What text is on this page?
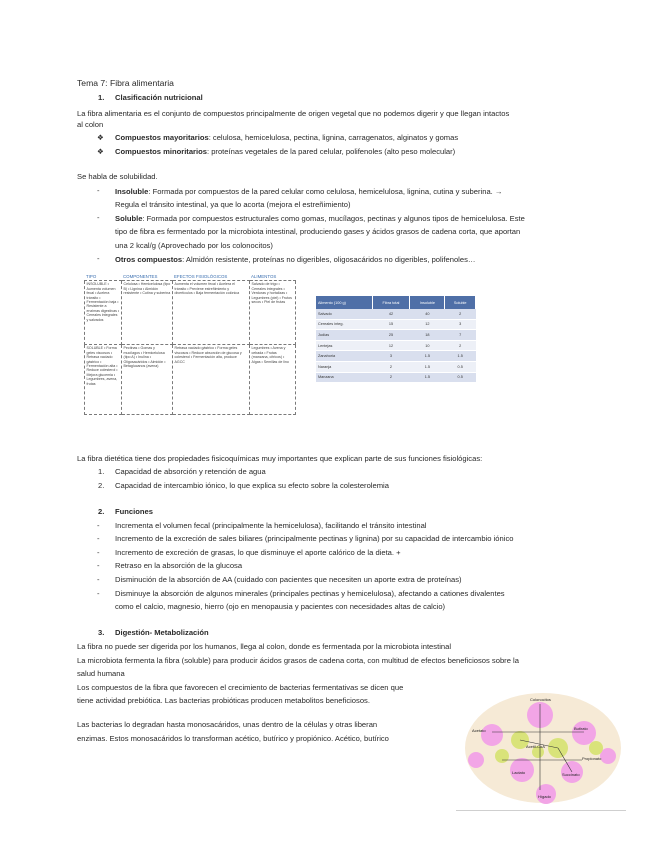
Tema 7: Fibra alimentaria
1. Clasificación nutricional
La fibra alimentaria es el conjunto de compuestos principalmente de origen vegetal que no podemos digerir y que llegan intactos
al colon
❖ Compuestos mayoritarios: celulosa, hemicelulosa, pectina, lignina, carragenatos, alginatos y gomas
❖ Compuestos minoritarios: proteínas vegetales de la pared celular, polifenoles (alto peso molecular)
Se habla de solubilidad.
- Insoluble: Formada por compuestos de la pared celular como celulosa, hemicelulosa, lignina, cutina y suberina. →
Regula el tránsito intestinal, ya que lo acorta (mejora el estreñimiento)
- Soluble: Formada por compuestos estructurales como gomas, mucílagos, pectinas y algunos tipos de hemicelulosa. Este
tipo de fibra es fermentado por la microbiota intestinal, produciendo gases y ácidos grasos de cadena corta, que aportan
una 2 kcal/g (Aprovechado por los colonocitos)
- Otros compuestos: Almidón resistente, proteínas no digeribles, oligosacáridos no digeribles, polifenoles…
TIPO	COMPONENTES	EFECTOS FISIOLÓGICOS	ALIMENTOS
INSOLUBLE • Aumenta volumen fecal • Acelera tránsito • Fermentación baja • Resistente a enzimas digestivas • Cereales integrales y salvados	Celulosa • Hemicelulosa (tipo B) • Lignina • Almidón resistente • Cutina y suberina	Aumenta el volumen fecal • Acelera el tránsito • Previene estreñimiento y divertículos • Baja fermentación colónica	Salvado de trigo • Cereales integrales • Verduras y hortalizas • Legumbres (piel) • Frutos secos • Piel de frutas
SOLUBLE • Forma geles viscosos • Retrasa vaciado gástrico • Fermentación alta • Reduce colesterol • Mejora glucemia • Legumbres, avena, frutas	Pectinas • Gomas y mucílagos • Hemicelulosa (tipo A) • Inulina • Oligosacáridos • Almidón • Betaglucanos (avena)	Retrasa vaciado gástrico • Forma geles viscosos • Reduce absorción de glucosa y colesterol • Fermentación alta, produce AGCC	Legumbres • Avena y cebada • Frutas (manzana, cítricos) • Algas • Semillas de lino
Alimento (100 g)	Fibra total	Insoluble	Soluble
Salvado	42	40	2
Cereales integ.	15	12	3
Judías	25	18	7
Lentejas	12	10	2
Zanahoria	3	1.5	1.5
Naranja	2	1.5	0.5
Manzana	2	1.5	0.5
La fibra dietética tiene dos propiedades fisicoquímicas muy importantes que explican parte de sus funciones fisiológicas:
1. Capacidad de absorción y retención de agua
2. Capacidad de intercambio iónico, lo que explica su efecto sobre la colesterolemia
2. Funciones
- Incrementa el volumen fecal (principalmente la hemicelulosa), facilitando el tránsito intestinal
- Incremento de la excreción de sales biliares (principalmente pectinas y lignina) por su capacidad de intercambio iónico
- Incremento de excreción de grasas, lo que disminuye el aporte calórico de la dieta. +
- Retraso en la absorción de la glucosa
- Disminución de la absorción de AA (cuidado con pacientes que necesiten un aporte extra de proteínas)
- Disminuye la absorción de algunos minerales (principales pectinas y hemicelulosa), afectando a cationes divalentes
como el calcio, magnesio, hierro (ojo en menopausia y pacientes con necesidades altas de calcio)
3. Digestión- Metabolización
La fibra no puede ser digerida por los humanos, llega al colon, donde es fermentada por la microbiota intestinal
La microbiota fermenta la fibra (soluble) para producir ácidos grasos de cadena corta, con multitud de efectos beneficiosos sobre la
salud humana
Los compuestos de la fibra que favorecen el crecimiento de bacterias fermentativas se dicen que
tiene actividad prebiótica. Las bacterias probióticas producen metabolitos beneficiosos.
Las bacterias lo degradan hasta monosacáridos, unas dentro de la células y otras liberan
enzimas. Estos monosacáridos lo transforman acético, butírico y propiónico. Acético, butírico
Colonocitos
Acetato	Butirato
Propionato
Hígado
Lactato	Succinato
Acetil-CoA
